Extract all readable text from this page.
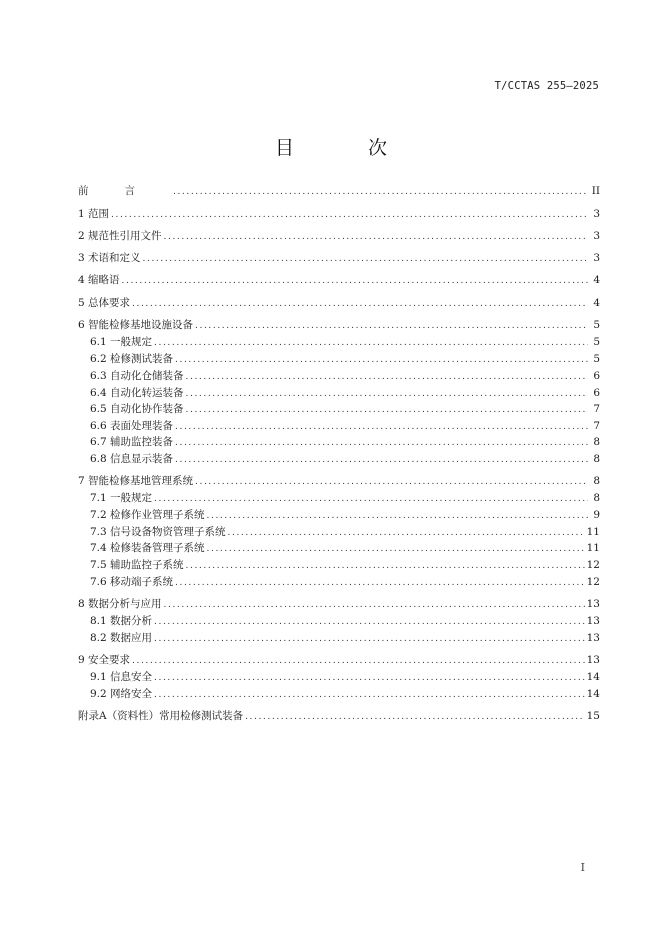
T/CCTAS 255—2025
目 次
前言 .....	II
1 范围 .....	3
2 规范性引用文件 .....	3
3 术语和定义 .....	3
4 缩略语 .....	4
5 总体要求 .....	4
6 智能检修基地设施设备 .....	5
6.1 一般规定 .....	5
6.2 检修测试装备 .....	5
6.3 自动化仓储装备 .....	6
6.4 自动化转运装备 .....	6
6.5 自动化协作装备 .....	7
6.6 表面处理装备 .....	7
6.7 辅助监控装备 .....	8
6.8 信息显示装备 .....	8
7 智能检修基地管理系统 .....	8
7.1 一般规定 .....	8
7.2 检修作业管理子系统 .....	9
7.3 信号设备物资管理子系统 .....	11
7.4 检修装备管理子系统 .....	11
7.5 辅助监控子系统 .....	12
7.6 移动端子系统 .....	12
8 数据分析与应用 .....	13
8.1 数据分析 .....	13
8.2 数据应用 .....	13
9 安全要求 .....	13
9.1 信息安全 .....	14
9.2 网络安全 .....	14
附录A（资料性）常用检修测试装备 .....	15
I
